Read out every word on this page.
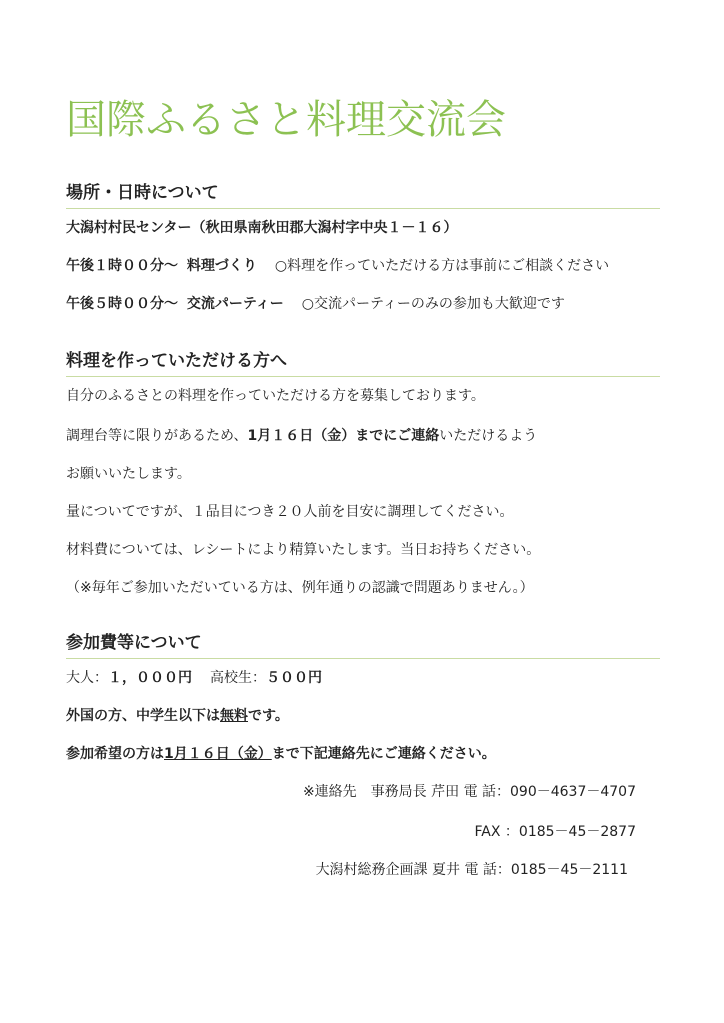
国際ふるさと料理交流会
場所・日時について
大潟村村民センター（秋田県南秋田郡大潟村字中央１－１６）
午後１時００分～ 料理づくり ○料理を作っていただける方は事前にご相談ください
午後５時００分～ 交流パーティー ○交流パーティーのみの参加も大歓迎です
料理を作っていただける方へ
自分のふるさとの料理を作っていただける方を募集しております。
調理台等に限りがあるため、1月１６日（金）までにご連絡いただけるよう
お願いいたします。
量についてですが、１品目につき２０人前を目安に調理してください。
材料費については、レシートにより精算いたします。当日お持ちください。
（※毎年ご参加いただいている方は、例年通りの認識で問題ありません。）
参加費等について
大人：１，０００円 高校生：５００円
外国の方、中学生以下は無料です。
参加希望の方は1月１６日（金）まで下記連絡先にご連絡ください。
※連絡先　事務局長 芹田 電 話：090－4637－4707
FAX ：0185－45－2877
大潟村総務企画課 夏井 電 話：0185－45－2111
